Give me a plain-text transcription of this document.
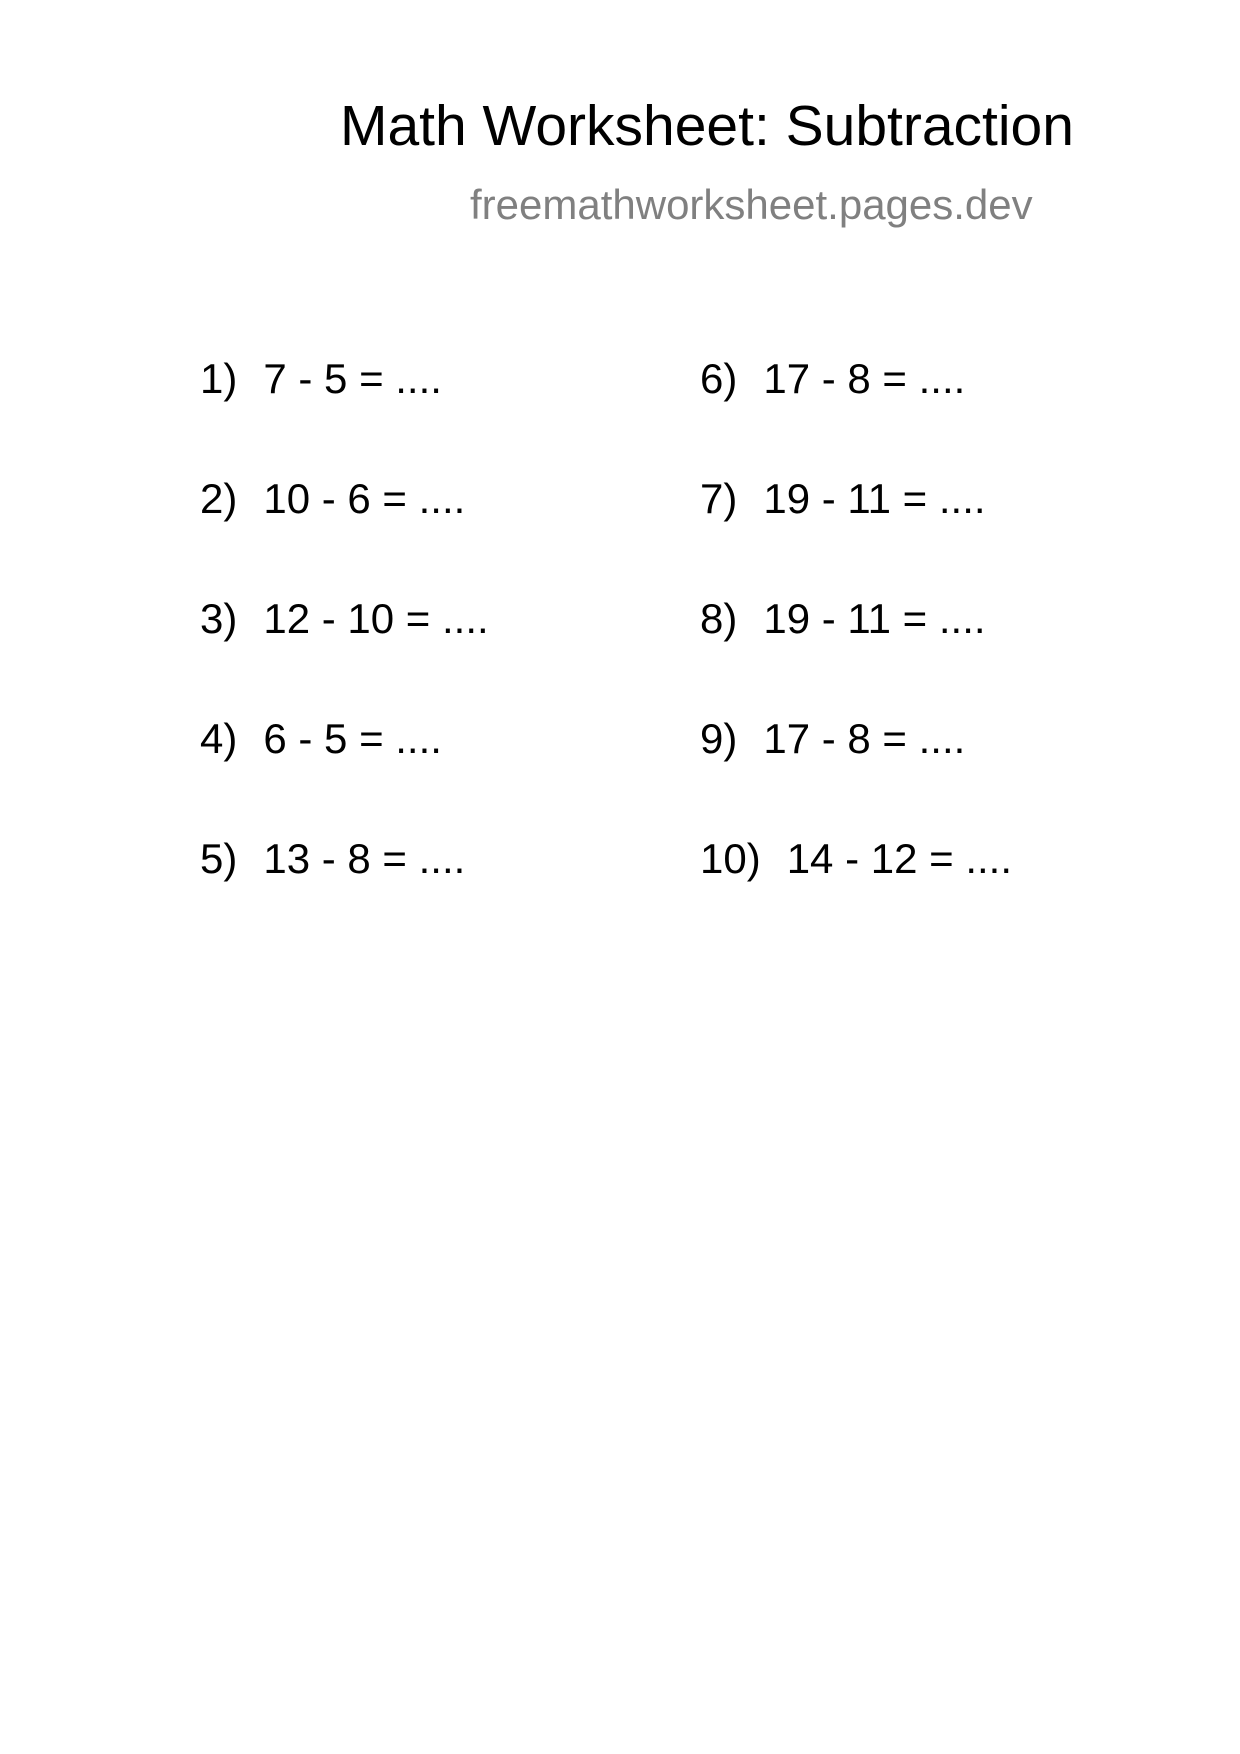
Math Worksheet: Subtraction
freemathworksheet.pages.dev
1) 7 - 5 = ....
2) 10 - 6 = ....
3) 12 - 10 = ....
4) 6 - 5 = ....
5) 13 - 8 = ....
6) 17 - 8 = ....
7) 19 - 11 = ....
8) 19 - 11 = ....
9) 17 - 8 = ....
10) 14 - 12 = ....
